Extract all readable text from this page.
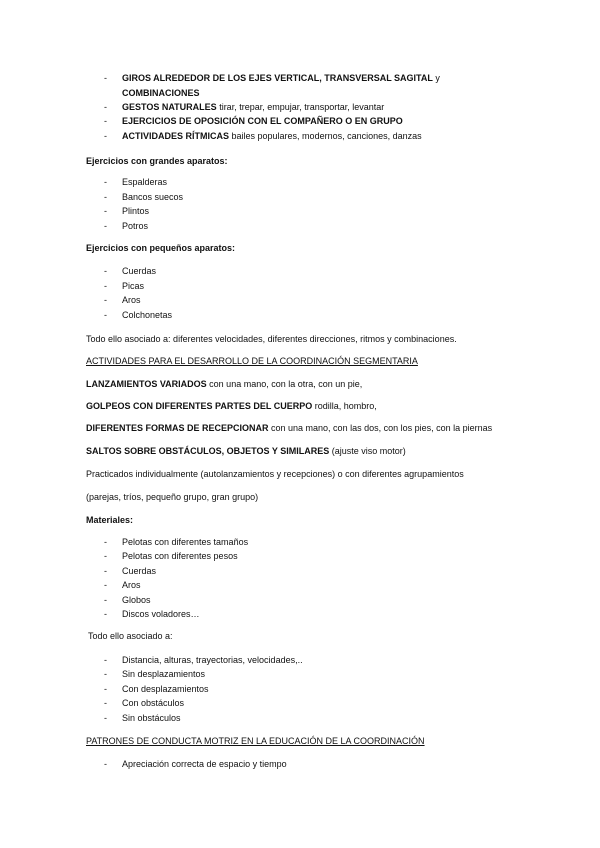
- GIROS ALREDEDOR DE LOS EJES VERTICAL, TRANSVERSAL SAGITAL y
COMBINACIONES
- GESTOS NATURALES tirar, trepar, empujar, transportar, levantar
- EJERCICIOS DE OPOSICIÓN CON EL COMPAÑERO O EN GRUPO
- ACTIVIDADES RÍTMICAS bailes populares, modernos, canciones, danzas
Ejercicios con grandes aparatos:
- Espalderas
- Bancos suecos
- Plintos
- Potros
Ejercicios con pequeños aparatos:
- Cuerdas
- Picas
- Aros
- Colchonetas
Todo ello asociado a: diferentes velocidades, diferentes direcciones, ritmos y combinaciones.
ACTIVIDADES PARA EL DESARROLLO DE LA COORDINACIÓN SEGMENTARIA
LANZAMIENTOS VARIADOS con una mano, con la otra, con un pie,
GOLPEOS CON DIFERENTES PARTES DEL CUERPO rodilla, hombro,
DIFERENTES FORMAS DE RECEPCIONAR con una mano, con las dos, con los pies, con la piernas
SALTOS SOBRE OBSTÁCULOS, OBJETOS Y SIMILARES (ajuste viso motor)
Practicados individualmente (autolanzamientos y recepciones) o con diferentes agrupamientos
(parejas, tríos, pequeño grupo, gran grupo)
Materiales:
- Pelotas con diferentes tamaños
- Pelotas con diferentes pesos
- Cuerdas
- Aros
- Globos
- Discos voladores…
Todo ello asociado a:
- Distancia, alturas, trayectorias, velocidades,..
- Sin desplazamientos
- Con desplazamientos
- Con obstáculos
- Sin obstáculos
PATRONES DE CONDUCTA MOTRIZ EN LA EDUCACIÓN DE LA COORDINACIÓN
- Apreciación correcta de espacio y tiempo
